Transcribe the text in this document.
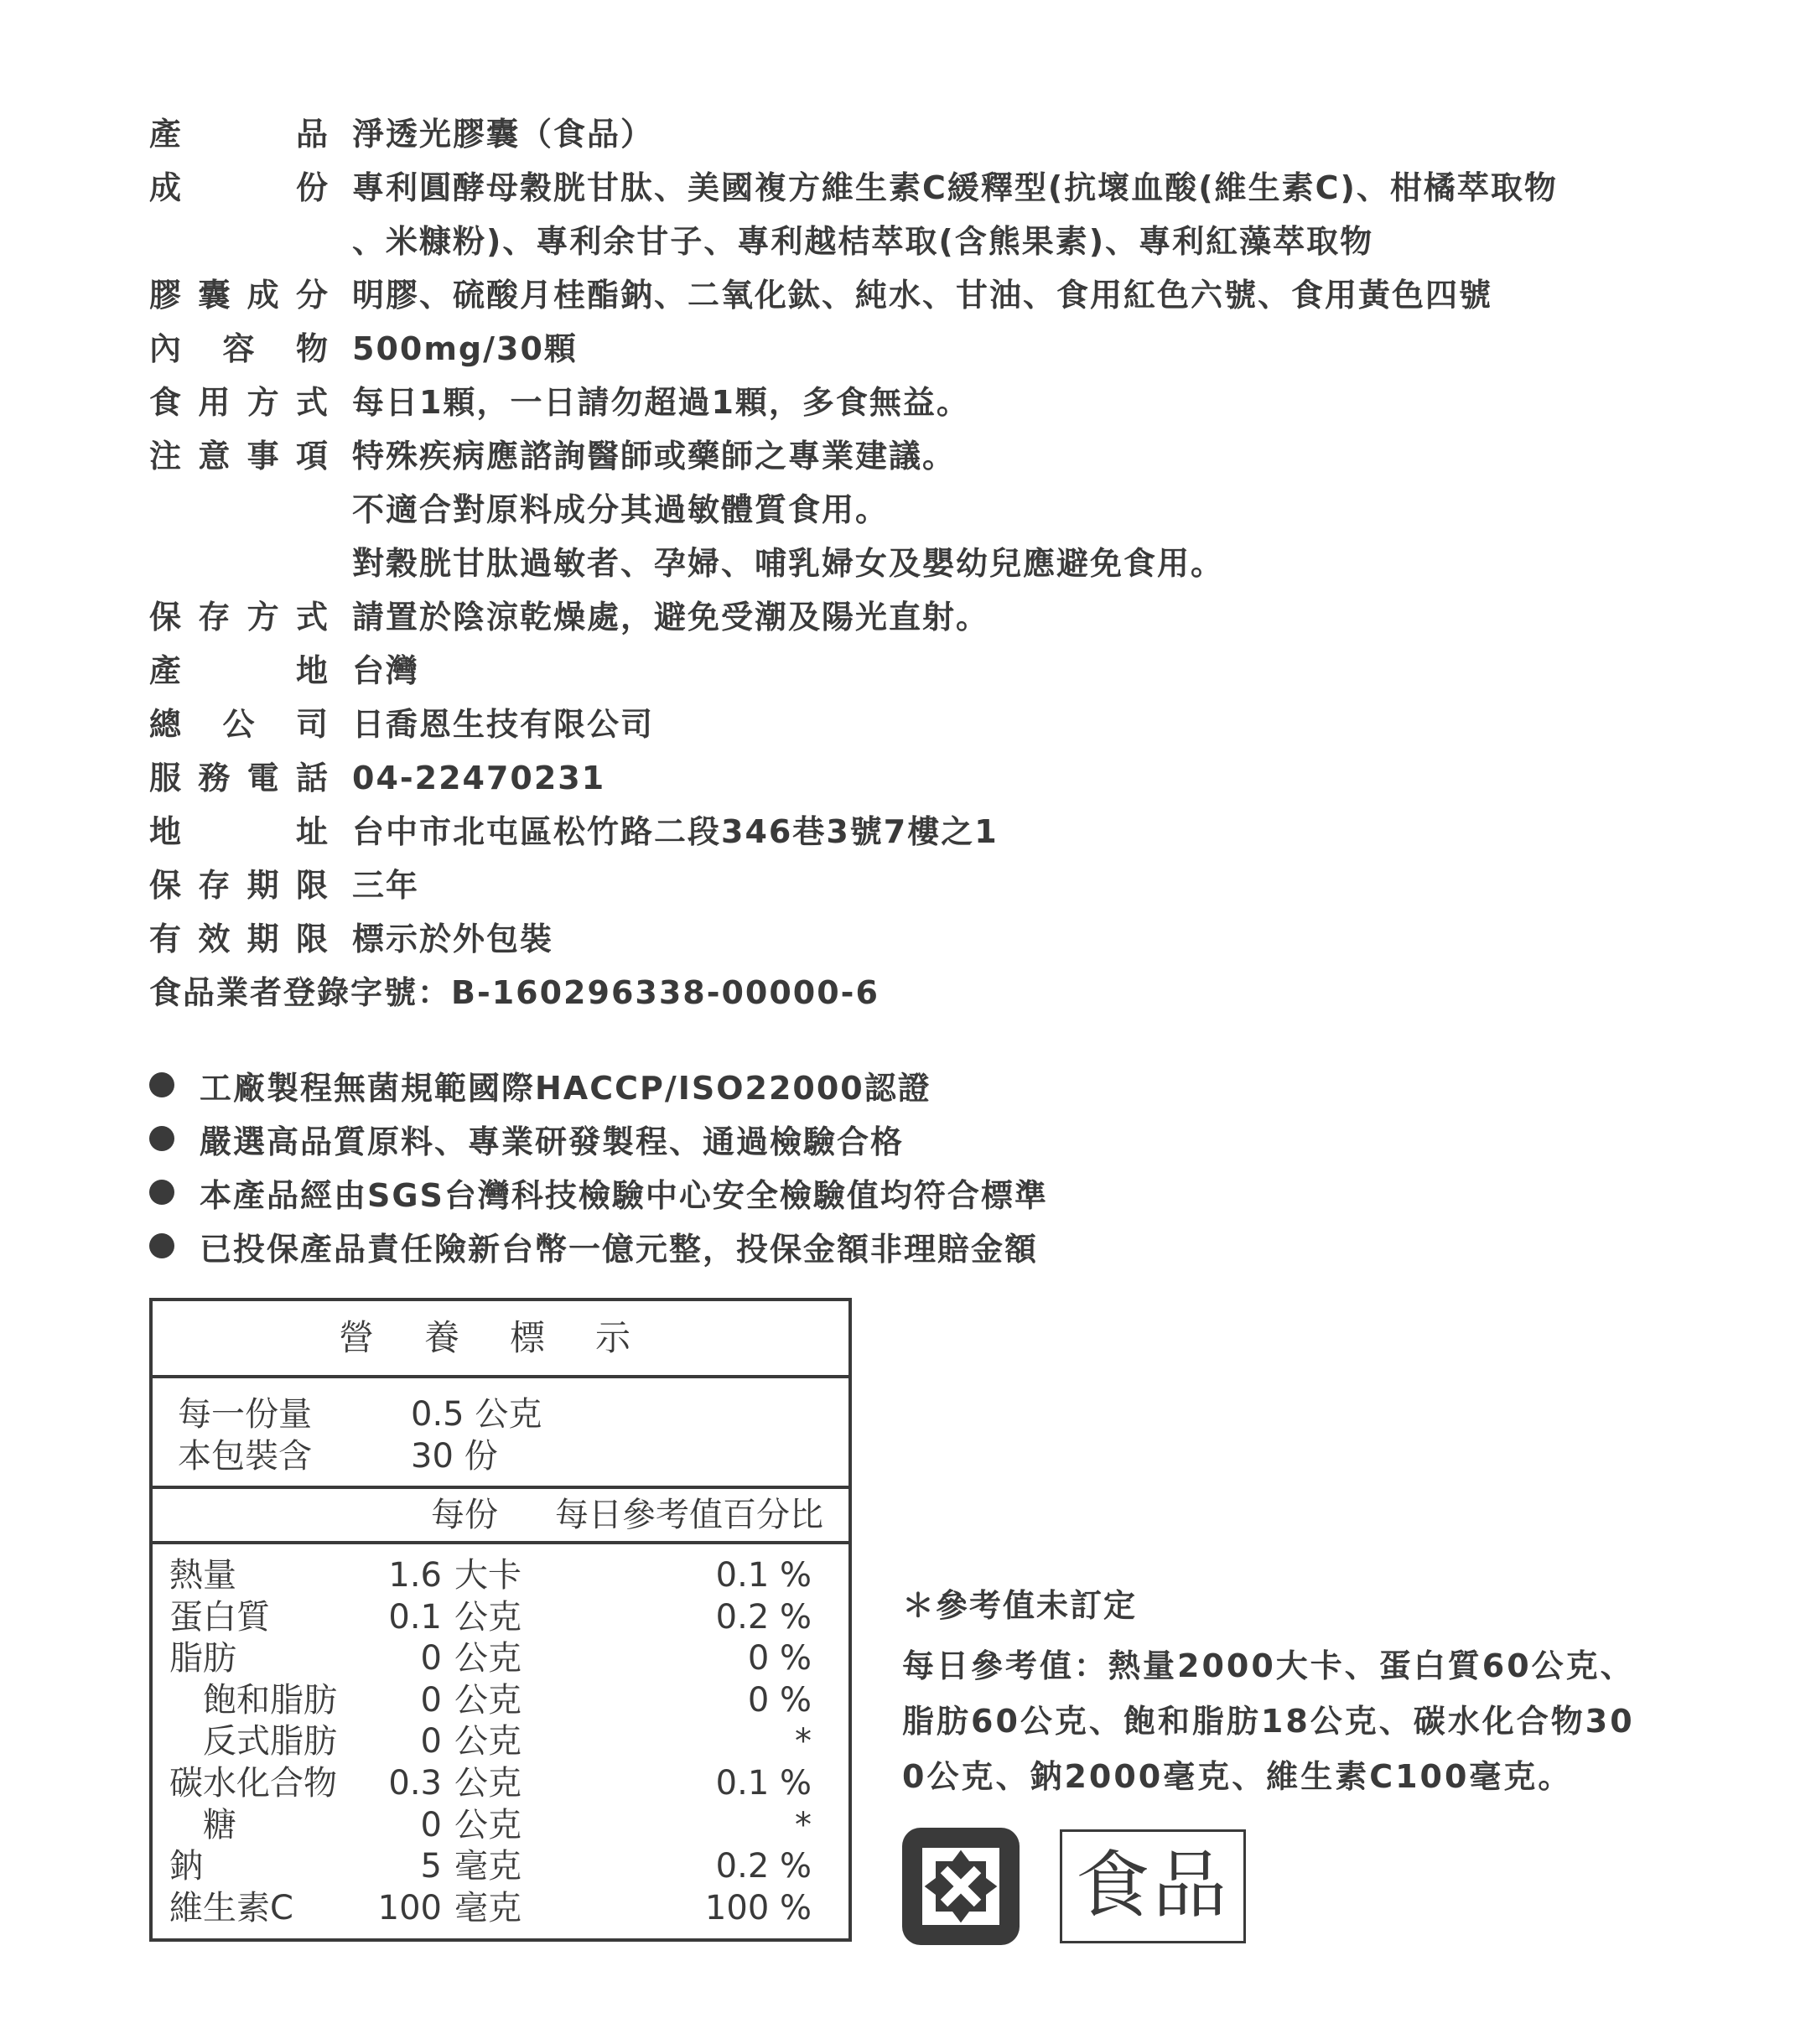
產	品 淨透光膠囊（食品）
成	份 專利圓酵母穀胱甘肽、美國複方維生素C緩釋型(抗壞血酸(維生素C)、柑橘萃取物
、米糠粉)、專利余甘子、專利越桔萃取(含熊果素)、專利紅藻萃取物
膠 囊 成 分 明膠、硫酸月桂酯鈉、二氧化鈦、純水、甘油、食用紅色六號、食用黃色四號
內 容 物 500mg/30顆
食 用 方 式 每日1顆，一日請勿超過1顆，多食無益。
注 意 事 項 特殊疾病應諮詢醫師或藥師之專業建議。
不適合對原料成分其過敏體質食用。
對穀胱甘肽過敏者、孕婦、哺乳婦女及嬰幼兒應避免食用。
保 存 方 式 請置於陰涼乾燥處，避免受潮及陽光直射。
產	地 台灣
總 公 司 日喬恩生技有限公司
服 務 電 話 04-22470231
地	址 台中市北屯區松竹路二段346巷3號7樓之1
保 存 期 限 三年
有 效 期 限 標示於外包裝
食品業者登錄字號：B-160296338-00000-6
工廠製程無菌規範國際HACCP/ISO22000認證
嚴選高品質原料、專業研發製程、通過檢驗合格
本產品經由SGS台灣科技檢驗中心安全檢驗值均符合標準
已投保產品責任險新台幣一億元整，投保金額非理賠金額
營養標示
每一份量	0.5 公克
本包裝含	30 份
每份 每日參考值百分比
熱量	1.6 大卡	0.1 %
蛋白質	0.1 公克	0.2 %
脂肪	0 公克	0 %
飽和脂肪	0 公克	0 %
反式脂肪	0 公克	*
碳水化合物	0.3 公克	0.1 %
糖	0 公克	*
鈉	5 毫克	0.2 %
維生素C	100 毫克	100 %
＊參考值未訂定
每日參考值：熱量2000大卡、蛋白質60公克、
脂肪60公克、飽和脂肪18公克、碳水化合物30
0公克、鈉2000毫克、維生素C100毫克。
食品
